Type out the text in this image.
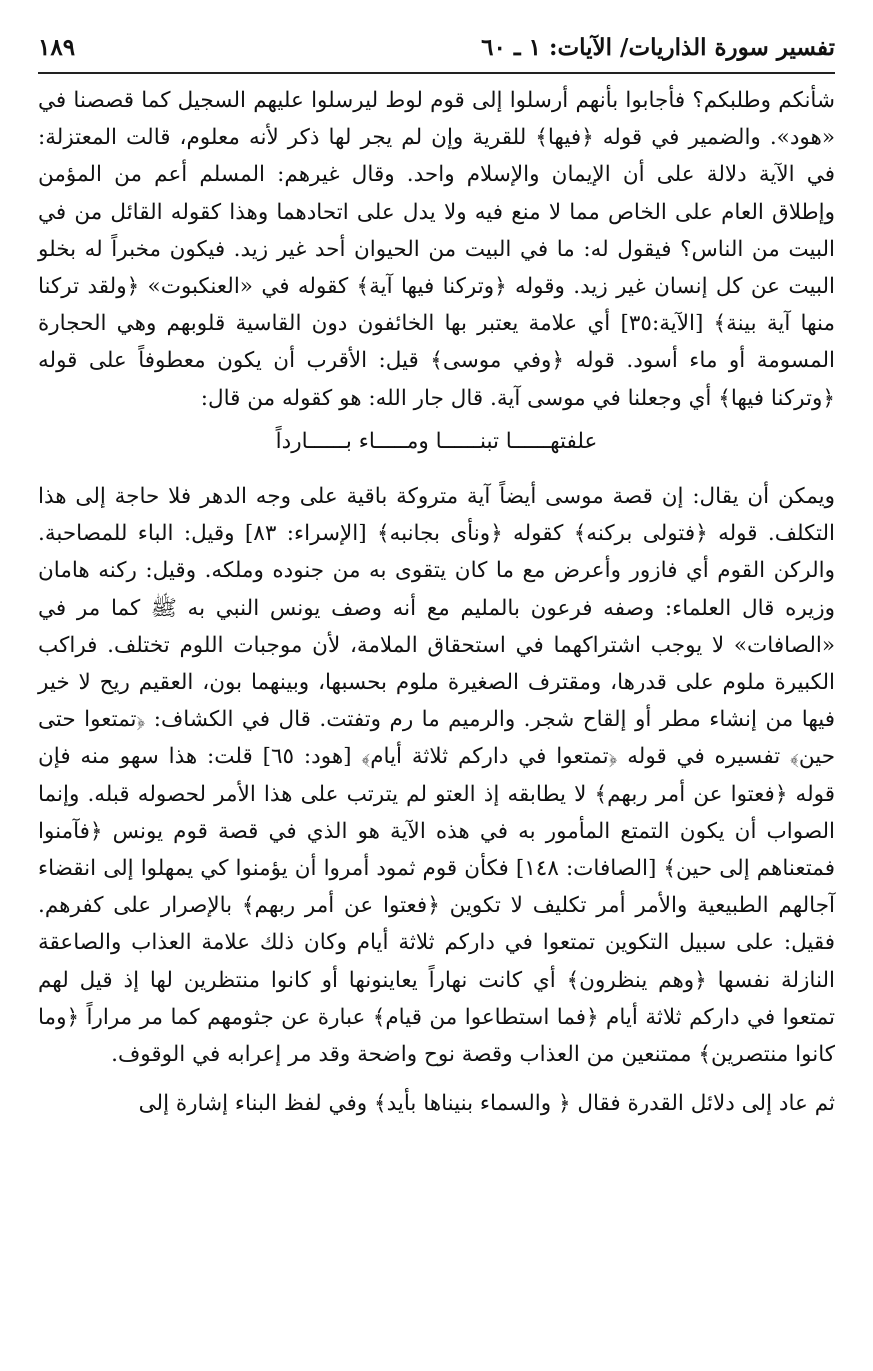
تفسير سورة الذاريات/ الآيات: ١ ـ ٦٠
١٨٩

شأنكم وطلبكم؟ فأجابوا بأنهم أرسلوا إلى قوم لوط ليرسلوا عليهم السجيل كما قصصنا في «هود». والضمير في قوله ﴿فيها﴾ للقرية وإن لم يجر لها ذكر لأنه معلوم، قالت المعتزلة: في الآية دلالة على أن الإيمان والإسلام واحد. وقال غيرهم: المسلم أعم من المؤمن وإطلاق العام على الخاص مما لا منع فيه ولا يدل على اتحادهما وهذا كقوله القائل من في البيت من الناس؟ فيقول له: ما في البيت من الحيوان أحد غير زيد. فيكون مخبراً له بخلو البيت عن كل إنسان غير زيد. وقوله ﴿وتركنا فيها آية﴾ كقوله في «العنكبوت» ﴿ولقد تركنا منها آية بينة﴾ [الآية:٣٥] أي علامة يعتبر بها الخائفون دون القاسية قلوبهم وهي الحجارة المسومة أو ماء أسود. قوله ﴿وفي موسى﴾ قيل: الأقرب أن يكون معطوفاً على قوله ﴿وتركنا فيها﴾ أي وجعلنا في موسى آية. قال جار الله: هو كقوله من قال:

علفتهــــــا تبنــــــا ومـــــاء بــــــارداً

ويمكن أن يقال: إن قصة موسى أيضاً آية متروكة باقية على وجه الدهر فلا حاجة إلى هذا التكلف. قوله ﴿فتولى بركنه﴾ كقوله ﴿ونأى بجانبه﴾ [الإسراء: ٨٣] وقيل: الباء للمصاحبة. والركن القوم أي فازور وأعرض مع ما كان يتقوى به من جنوده وملكه. وقيل: ركنه هامان وزيره قال العلماء: وصفه فرعون بالمليم مع أنه وصف يونس النبي به ﷺ كما مر في «الصافات» لا يوجب اشتراكهما في استحقاق الملامة، لأن موجبات اللوم تختلف. فراكب الكبيرة ملوم على قدرها، ومقترف الصغيرة ملوم بحسبها، وبينهما بون، العقيم ريح لا خير فيها من إنشاء مطر أو إلقاح شجر. والرميم ما رم وتفتت. قال في الكشاف: ﴿تمتعوا حتى حين﴾ تفسيره في قوله ﴿تمتعوا في داركم ثلاثة أيام﴾ [هود: ٦٥] قلت: هذا سهو منه فإن قوله ﴿فعتوا عن أمر ربهم﴾ لا يطابقه إذ العتو لم يترتب على هذا الأمر لحصوله قبله. وإنما الصواب أن يكون التمتع المأمور به في هذه الآية هو الذي في قصة قوم يونس ﴿فآمنوا فمتعناهم إلى حين﴾ [الصافات: ١٤٨] فكأن قوم ثمود أمروا أن يؤمنوا كي يمهلوا إلى انقضاء آجالهم الطبيعية والأمر أمر تكليف لا تكوين ﴿فعتوا عن أمر ربهم﴾ بالإصرار على كفرهم. فقيل: على سبيل التكوين تمتعوا في داركم ثلاثة أيام وكان ذلك علامة العذاب والصاعقة النازلة نفسها ﴿وهم ينظرون﴾ أي كانت نهاراً يعاينونها أو كانوا منتظرين لها إذ قيل لهم تمتعوا في داركم ثلاثة أيام ﴿فما استطاعوا من قيام﴾ عبارة عن جثومهم كما مر مراراً ﴿وما كانوا منتصرين﴾ ممتنعين من العذاب وقصة نوح واضحة وقد مر إعرابه في الوقوف.

ثم عاد إلى دلائل القدرة فقال ﴿ والسماء بنيناها بأيد﴾ وفي لفظ البناء إشارة إلى
